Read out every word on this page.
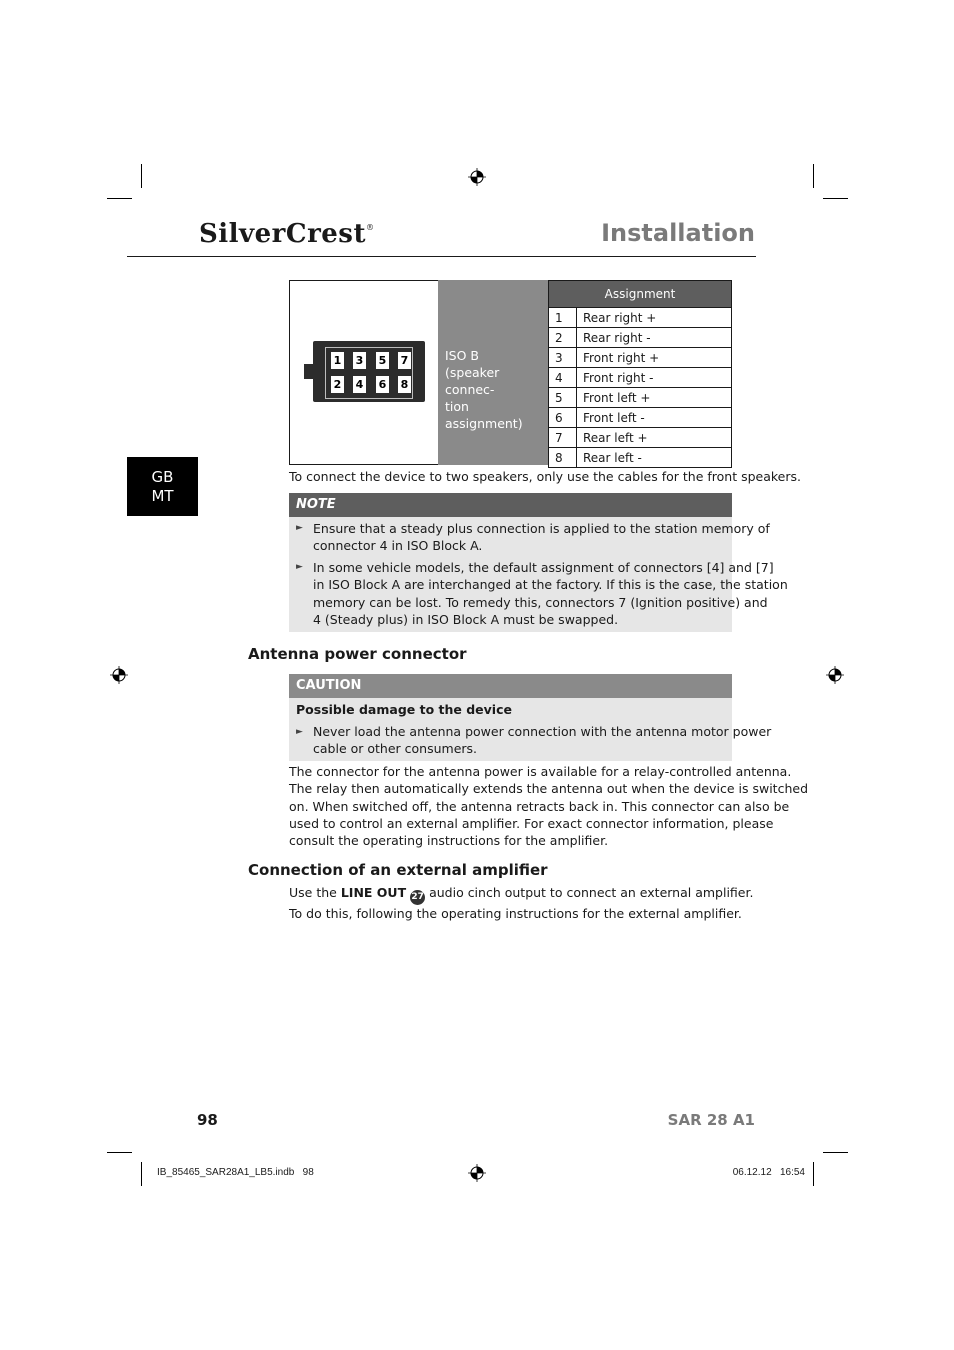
SilverCrest®	Installation
GB
MT
1 3 5 7
2 4 6 8
ISO B
(speaker connec-
tion assignment)
Assignment	
1	Rear right +
2	Rear right -
3	Front right +
4	Front right -
5	Front left +
6	Front left -
7	Rear left +
8	Rear left -
To connect the device to two speakers, only use the cables for the front speakers.
NOTE
► Ensure that a steady plus connection is applied to the station memory of
connector 4 in ISO Block A.
► In some vehicle models, the default assignment of connectors [4] and [7]
in ISO Block A are interchanged at the factory. If this is the case, the station
memory can be lost. To remedy this, connectors 7 (Ignition positive) and
4 (Steady plus) in ISO Block A must be swapped.
Antenna power connector
CAUTION
Possible damage to the device
► Never load the antenna power connection with the antenna motor power
cable or other consumers.
The connector for the antenna power is available for a relay-controlled antenna.
The relay then automatically extends the antenna out when the device is switched
on. When switched off, the antenna retracts back in. This connector can also be
used to control an external amplifier. For exact connector information, please
consult the operating instructions for the amplifier.
Connection of an external amplifier
Use the LINE OUT 27 audio cinch output to connect an external amplifier.
To do this, following the operating instructions for the external amplifier.
98	SAR 28 A1
IB_85465_SAR28A1_LB5.indb   98	06.12.12   16:54
